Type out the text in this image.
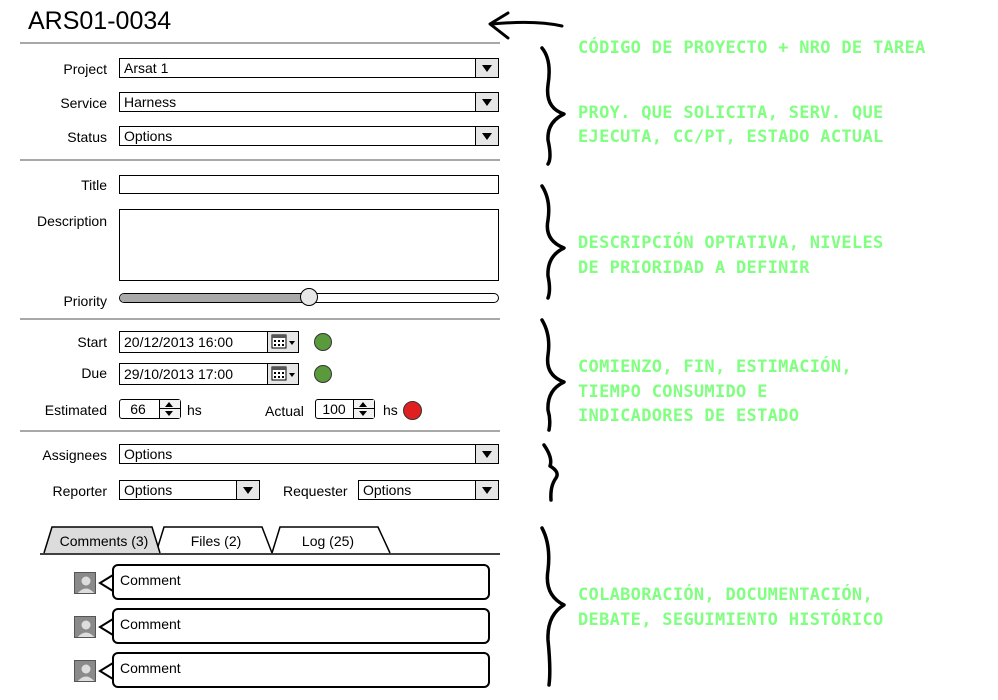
ARS01-0034
Project Arsat 1
Service Harness
Status Options
Title
Description
Priority
Start 20/12/2013 16:00
Due 29/10/2013 17:00
Estimated	66	hs	Actual	100	hs
Assignees Options
Reporter Options	Requester Options
Comments (3)	Files (2)	Log (25)
Comment
Comment
Comment
CÓDIGO DE PROYECTO + NRO DE TAREA
PROY. QUE SOLICITA, SERV. QUE
EJECUTA, CC/PT, ESTADO ACTUAL
DESCRIPCIÓN OPTATIVA, NIVELES
DE PRIORIDAD A DEFINIR
COMIENZO, FIN, ESTIMACIÓN,
TIEMPO CONSUMIDO E
INDICADORES DE ESTADO
COLABORACIÓN, DOCUMENTACIÓN,
DEBATE, SEGUIMIENTO HISTÓRICO
